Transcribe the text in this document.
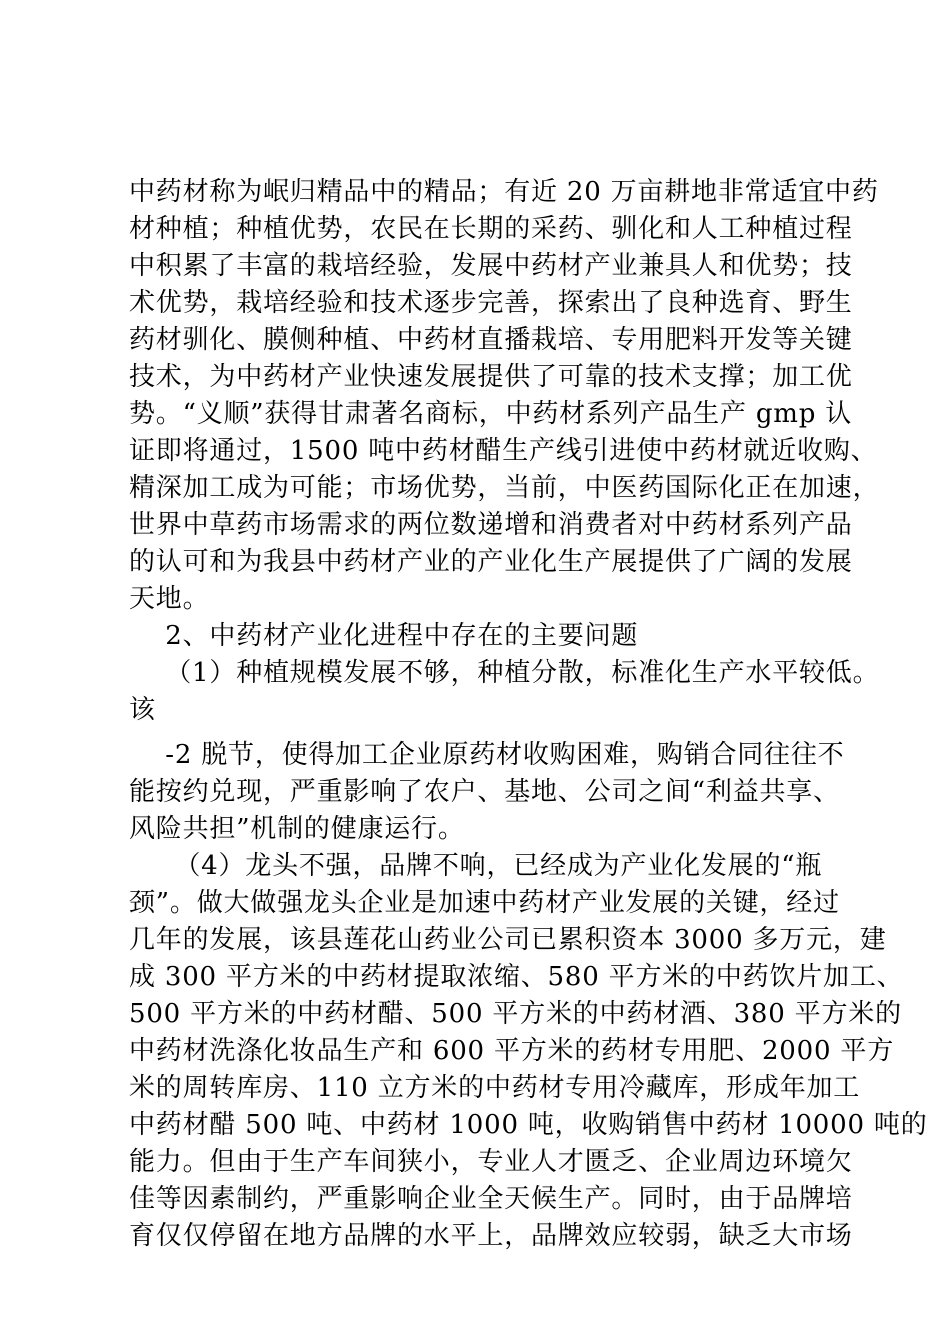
中药材称为岷归精品中的精品；有近 20 万亩耕地非常适宜中药
材种植；种植优势，农民在长期的采药、驯化和人工种植过程
中积累了丰富的栽培经验，发展中药材产业兼具人和优势；技
术优势，栽培经验和技术逐步完善，探索出了良种选育、野生
药材驯化、膜侧种植、中药材直播栽培、专用肥料开发等关键
技术，为中药材产业快速发展提供了可靠的技术支撑；加工优
势。“义顺”获得甘肃著名商标，中药材系列产品生产 gmp 认
证即将通过，1500 吨中药材醋生产线引进使中药材就近收购、
精深加工成为可能；市场优势，当前，中医药国际化正在加速，
世界中草药市场需求的两位数递增和消费者对中药材系列产品
的认可和为我县中药材产业的产业化生产展提供了广阔的发展
天地。
2、中药材产业化进程中存在的主要问题
（1）种植规模发展不够，种植分散，标准化生产水平较低。
该
-2 脱节，使得加工企业原药材收购困难，购销合同往往不
能按约兑现，严重影响了农户、基地、公司之间“利益共享、
风险共担”机制的健康运行。
（4）龙头不强，品牌不响，已经成为产业化发展的“瓶
颈”。做大做强龙头企业是加速中药材产业发展的关键，经过
几年的发展，该县莲花山药业公司已累积资本 3000 多万元，建
成 300 平方米的中药材提取浓缩、580 平方米的中药饮片加工、
500 平方米的中药材醋、500 平方米的中药材酒、380 平方米的
中药材洗涤化妆品生产和 600 平方米的药材专用肥、2000 平方
米的周转库房、110 立方米的中药材专用冷藏库，形成年加工
中药材醋 500 吨、中药材 1000 吨，收购销售中药材 10000 吨的
能力。但由于生产车间狭小，专业人才匮乏、企业周边环境欠
佳等因素制约，严重影响企业全天候生产。同时，由于品牌培
育仅仅停留在地方品牌的水平上，品牌效应较弱，缺乏大市场
